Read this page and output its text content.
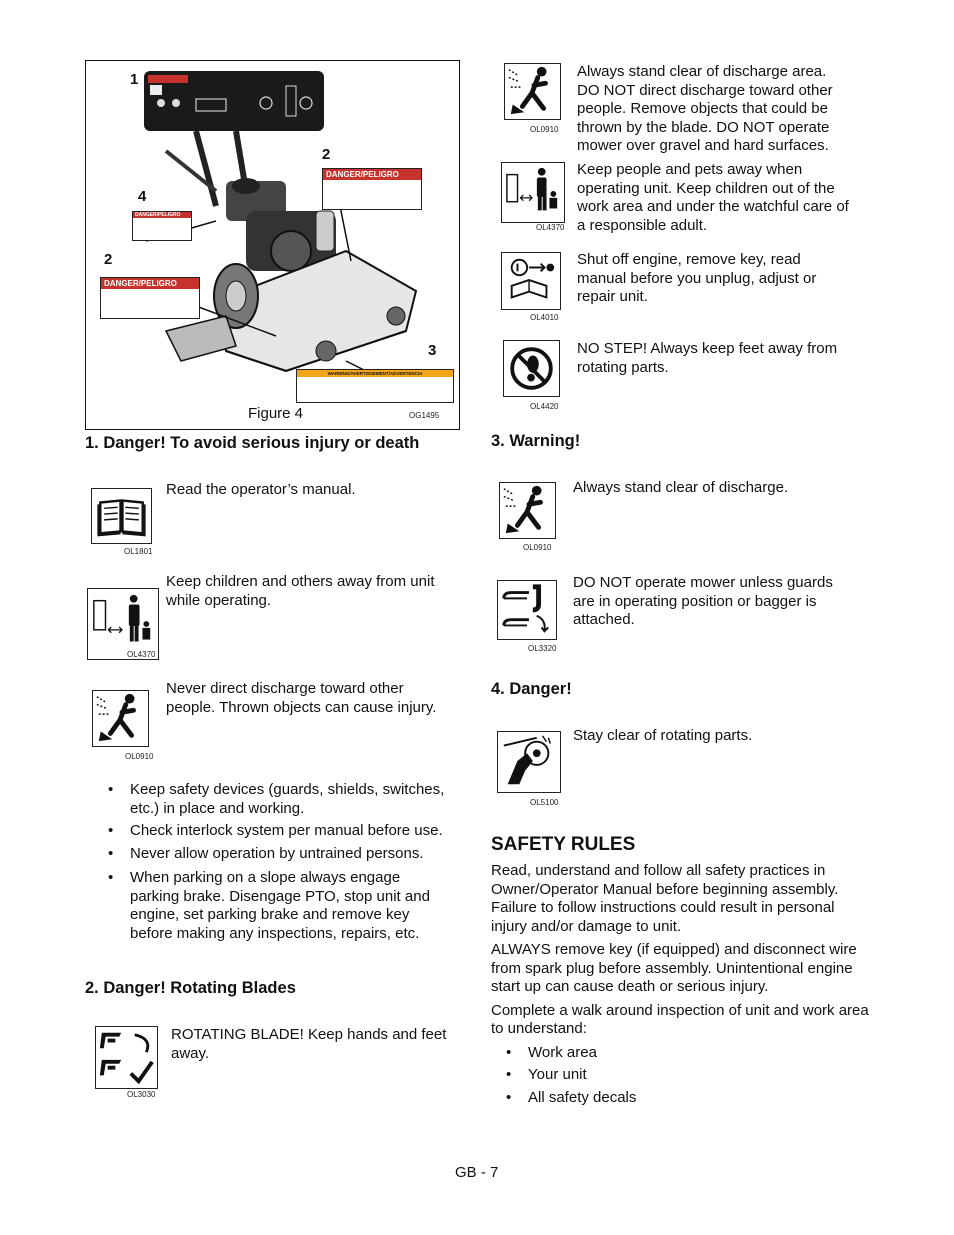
1
2
4
2
3
DANGER/PELIGRO
DANGER/PELIGRO
DANGER/PELIGRO
WARNING/AVERTISSEMENT/ADVERTENCIA
Figure 4	OG1495
1. Danger! To avoid serious injury or death
OL1801
Read the operator’s manual.
OL4370
Keep children and others away from unit while operating.
OL0910
Never direct discharge toward other people. Thrown objects can cause injury.
• Keep safety devices (guards, shields, switches, etc.) in place and working.
• Check interlock system per manual before use.
• Never allow operation by untrained persons.
• When parking on a slope always engage parking brake. Disengage PTO, stop unit and engine, set parking brake and remove key before making any inspections, repairs, etc.
2. Danger! Rotating Blades
OL3030
ROTATING BLADE! Keep hands and feet away.
OL0910
Always stand clear of discharge area. DO NOT direct discharge toward other people. Remove objects that could be thrown by the blade. DO NOT operate mower over gravel and hard surfaces.
OL4370
Keep people and pets away when operating unit. Keep children out of the work area and under the watchful care of a responsible adult.
OL4010
Shut off engine, remove key, read manual before you unplug, adjust or repair unit.
OL4420
NO STEP! Always keep feet away from rotating parts.
3. Warning!
OL0910
Always stand clear of discharge.
OL3320
DO NOT operate mower unless guards are in operating position or bagger is attached.
4. Danger!
OL5100
Stay clear of rotating parts.
SAFETY RULES
Read, understand and follow all safety practices in Owner/Operator Manual before beginning assembly. Failure to follow instructions could result in personal injury and/or damage to unit.
ALWAYS remove key (if equipped) and disconnect wire from spark plug before assembly. Unintentional engine start up can cause death or serious injury.
Complete a walk around inspection of unit and work area to understand:
• Work area
• Your unit
• All safety decals
GB - 7
